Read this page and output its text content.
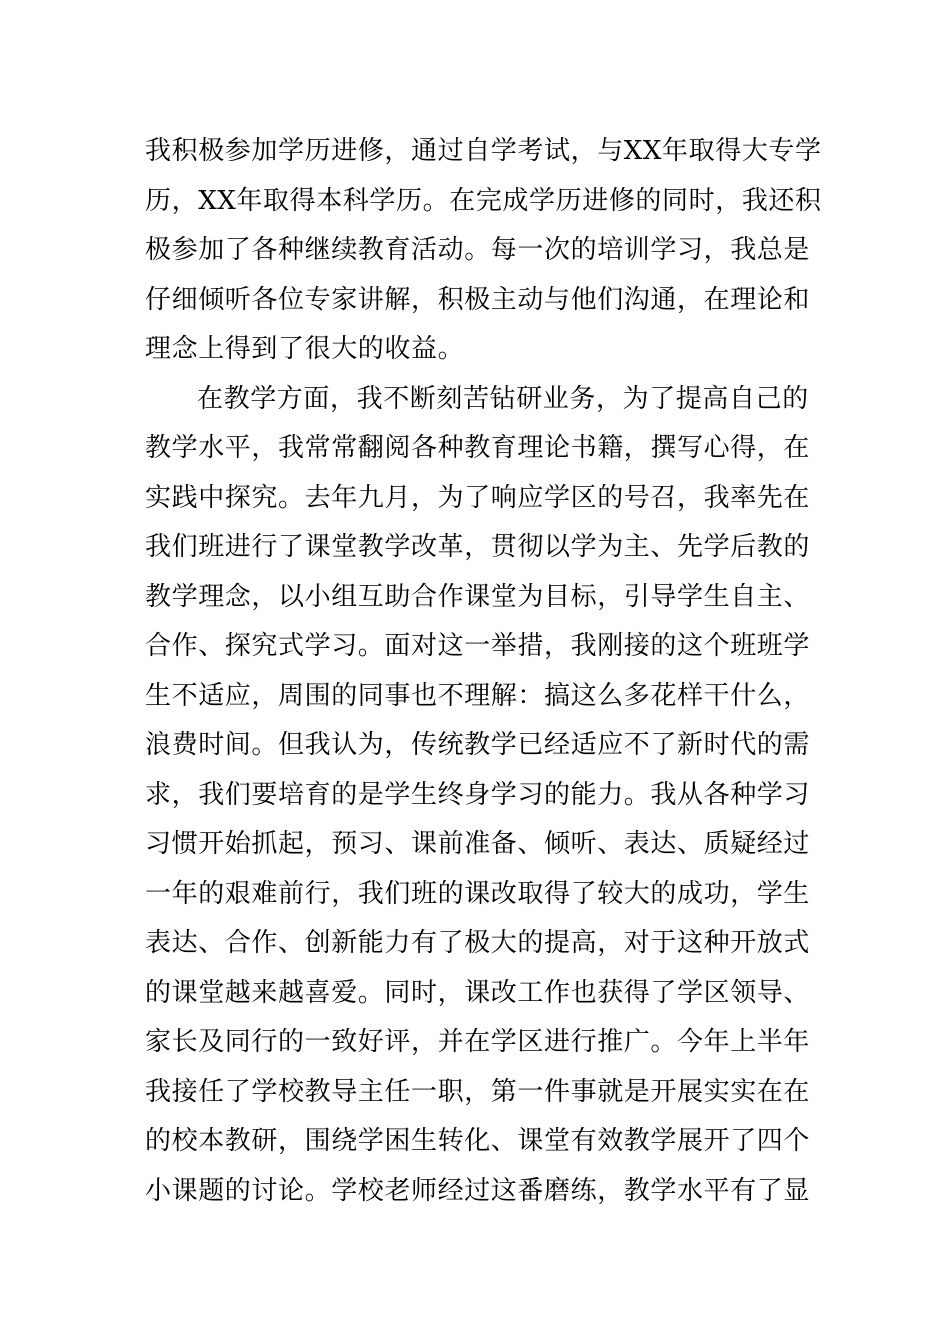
我积极参加学历进修，通过自学考试，与XX年取得大专学
历，XX年取得本科学历。在完成学历进修的同时，我还积
极参加了各种继续教育活动。每一次的培训学习，我总是
仔细倾听各位专家讲解，积极主动与他们沟通，在理论和
理念上得到了很大的收益。
在教学方面，我不断刻苦钻研业务，为了提高自己的
教学水平，我常常翻阅各种教育理论书籍，撰写心得，在
实践中探究。去年九月，为了响应学区的号召，我率先在
我们班进行了课堂教学改革，贯彻以学为主、先学后教的
教学理念，以小组互助合作课堂为目标，引导学生自主、
合作、探究式学习。面对这一举措，我刚接的这个班班学
生不适应，周围的同事也不理解：搞这么多花样干什么，
浪费时间。但我认为，传统教学已经适应不了新时代的需
求，我们要培育的是学生终身学习的能力。我从各种学习
习惯开始抓起，预习、课前准备、倾听、表达、质疑经过
一年的艰难前行，我们班的课改取得了较大的成功，学生
表达、合作、创新能力有了极大的提高，对于这种开放式
的课堂越来越喜爱。同时，课改工作也获得了学区领导、
家长及同行的一致好评，并在学区进行推广。今年上半年
我接任了学校教导主任一职，第一件事就是开展实实在在
的校本教研，围绕学困生转化、课堂有效教学展开了四个
小课题的讨论。学校老师经过这番磨练，教学水平有了显
